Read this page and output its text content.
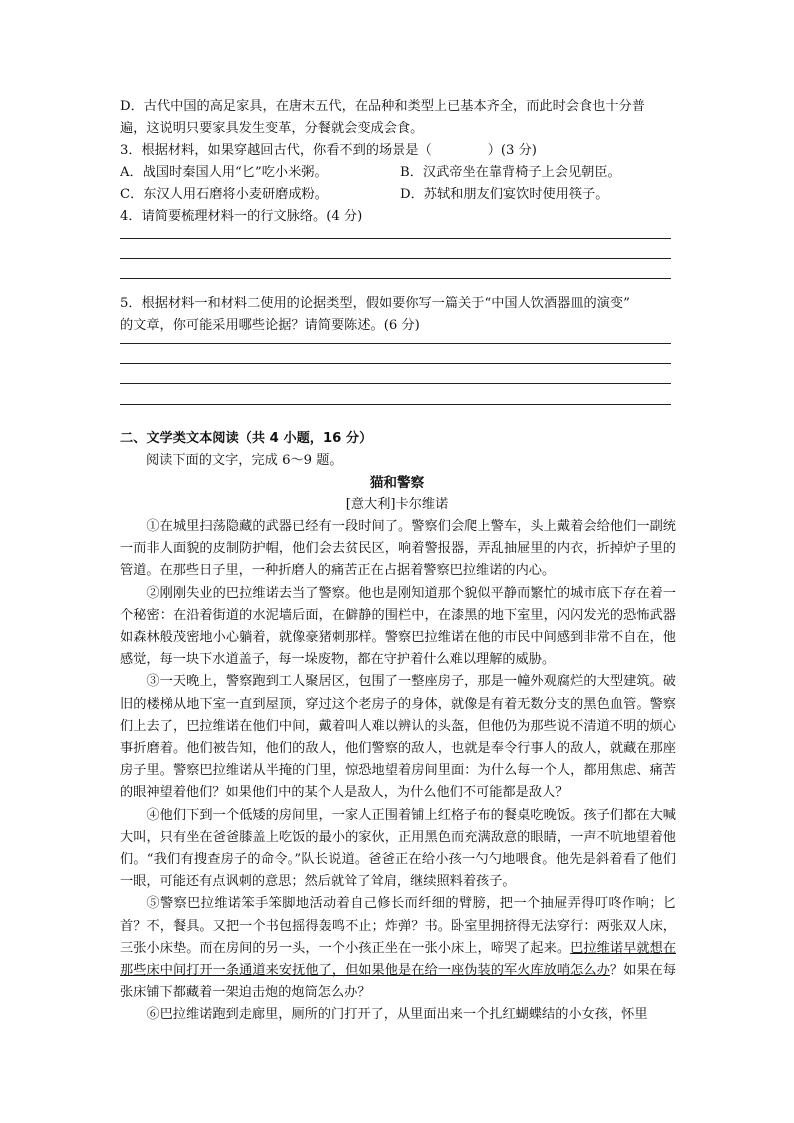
D．古代中国的高足家具，在唐末五代，在品种和类型上已基本齐全，而此时会食也十分普
遍，这说明只要家具发生变革，分餐就会变成会食。
3．根据材料，如果穿越回古代，你看不到的场景是（	）(3 分)
A．战国时秦国人用“匕”吃小米粥。	B．汉武帝坐在靠背椅子上会见朝臣。
C．东汉人用石磨将小麦研磨成粉。	D．苏轼和朋友们宴饮时使用筷子。
4．请简要梳理材料一的行文脉络。(4 分)
5．根据材料一和材料二使用的论据类型，假如要你写一篇关于“中国人饮酒器皿的演变”
的文章，你可能采用哪些论据？请简要陈述。(6 分)
二、文学类文本阅读（共 4 小题，16 分）
阅读下面的文字，完成 6～9 题。
猫和警察
[意大利]卡尔维诺
①在城里扫荡隐藏的武器已经有一段时间了。警察们会爬上警车，头上戴着会给他们一副统一而非人面貌的皮制防护帽，他们会去贫民区，响着警报器，弄乱抽屉里的内衣，折掉炉子里的管道。在那些日子里，一种折磨人的痛苦正在占据着警察巴拉维诺的内心。
②刚刚失业的巴拉维诺去当了警察。他也是刚知道那个貌似平静而繁忙的城市底下存在着一个秘密：在沿着街道的水泥墙后面，在僻静的围栏中，在漆黑的地下室里，闪闪发光的恐怖武器如森林般茂密地小心躺着，就像豪猪刺那样。警察巴拉维诺在他的市民中间感到非常不自在，他感觉，每一块下水道盖子，每一垛废物，都在守护着什么难以理解的威胁。
③一天晚上，警察跑到工人聚居区，包围了一整座房子，那是一幢外观腐烂的大型建筑。破旧的楼梯从地下室一直到屋顶，穿过这个老房子的身体，就像是有着无数分支的黑色血管。警察们上去了，巴拉维诺在他们中间，戴着叫人难以辨认的头盔，但他仍为那些说不清道不明的烦心事折磨着。他们被告知，他们的敌人，他们警察的敌人，也就是奉令行事人的敌人，就藏在那座房子里。警察巴拉维诺从半掩的门里，惊恐地望着房间里面：为什么每一个人，都用焦虑、痛苦的眼神望着他们？如果他们中的某个人是敌人，为什么他们不可能都是敌人？
④他们下到一个低矮的房间里，一家人正围着铺上红格子布的餐桌吃晚饭。孩子们都在大喊大叫，只有坐在爸爸膝盖上吃饭的最小的家伙，正用黑色而充满敌意的眼睛，一声不吭地望着他们。“我们有搜查房子的命令。”队长说道。爸爸正在给小孩一勺勺地喂食。他先是斜着看了他们一眼，可能还有点讽刺的意思；然后就耸了耸肩，继续照料着孩子。
⑤警察巴拉维诺笨手笨脚地活动着自己修长而纤细的臂膀，把一个抽屉弄得叮咚作响；匕首？不，餐具。又把一个书包摇得轰鸣不止；炸弹？书。卧室里拥挤得无法穿行：两张双人床，三张小床垫。而在房间的另一头，一个小孩正坐在一张小床上，啼哭了起来。巴拉维诺早就想在那些床中间打开一条通道来安抚他了，但如果他是在给一座伪装的军火库放哨怎么办？如果在每张床铺下都藏着一架迫击炮的炮筒怎么办？
⑥巴拉维诺跑到走廊里，厕所的门打开了，从里面出来一个扎红蝴蝶结的小女孩，怀里
